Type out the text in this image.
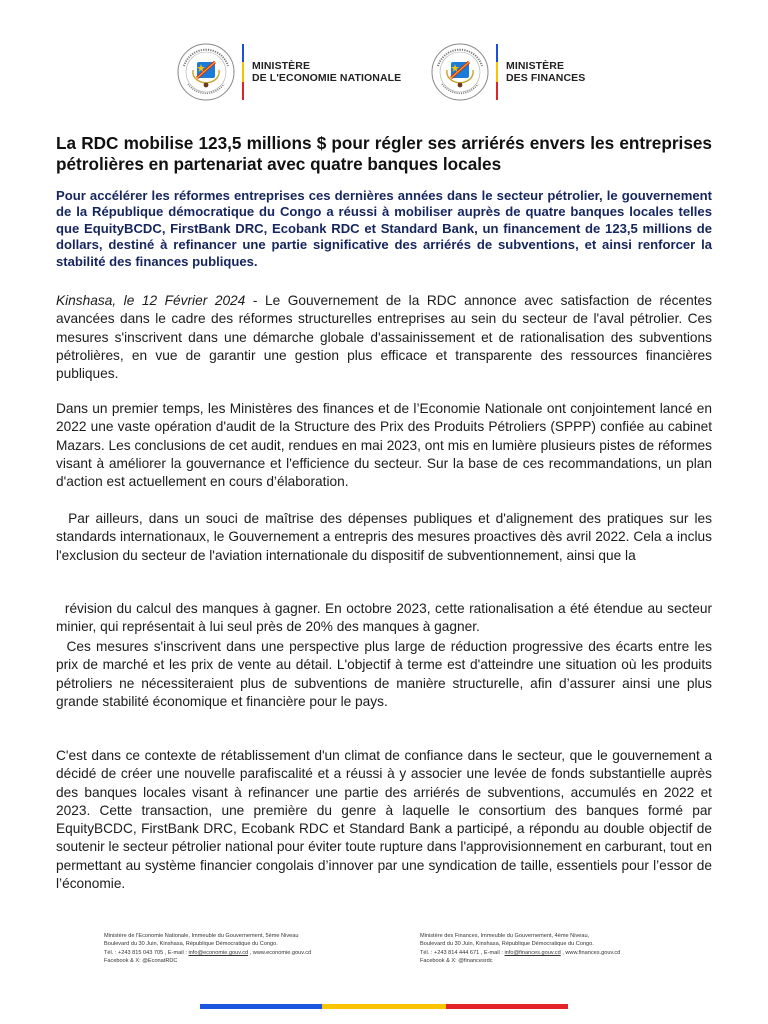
MINISTÈRE
DE L'ECONOMIE NATIONALE
MINISTÈRE
DES FINANCES
La RDC mobilise 123,5 millions $ pour régler ses arriérés envers les entreprises pétrolières en partenariat avec quatre banques locales
Pour accélérer les réformes entreprises ces dernières années dans le secteur pétrolier, le gouvernement de la République démocratique du Congo a réussi à mobiliser auprès de quatre banques locales telles que EquityBCDC, FirstBank DRC, Ecobank RDC et Standard Bank, un financement de 123,5 millions de dollars, destiné à refinancer une partie significative des arriérés de subventions, et ainsi renforcer la stabilité des finances publiques.
Kinshasa, le 12 Février 2024 - Le Gouvernement de la RDC annonce avec satisfaction de récentes avancées dans le cadre des réformes structurelles entreprises au sein du secteur de l'aval pétrolier. Ces mesures s'inscrivent dans une démarche globale d'assainissement et de rationalisation des subventions pétrolières, en vue de garantir une gestion plus efficace et transparente des ressources financières publiques.
Dans un premier temps, les Ministères des finances et de l’Economie Nationale ont conjointement lancé en 2022 une vaste opération d'audit de la Structure des Prix des Produits Pétroliers (SPPP) confiée au cabinet Mazars. Les conclusions de cet audit, rendues en mai 2023, ont mis en lumière plusieurs pistes de réformes visant à améliorer la gouvernance et l'efficience du secteur. Sur la base de ces recommandations, un plan d'action est actuellement en cours d’élaboration.
Par ailleurs, dans un souci de maîtrise des dépenses publiques et d'alignement des pratiques sur les standards internationaux, le Gouvernement a entrepris des mesures proactives dès avril 2022. Cela a inclus l'exclusion du secteur de l'aviation internationale du dispositif de subventionnement, ainsi que la
révision du calcul des manques à gagner. En octobre 2023, cette rationalisation a été étendue au secteur minier, qui représentait à lui seul près de 20% des manques à gagner.
Ces mesures s'inscrivent dans une perspective plus large de réduction progressive des écarts entre les prix de marché et les prix de vente au détail. L'objectif à terme est d'atteindre une situation où les produits pétroliers ne nécessiteraient plus de subventions de manière structurelle, afin d’assurer ainsi une plus grande stabilité économique et financière pour le pays.
C'est dans ce contexte de rétablissement d'un climat de confiance dans le secteur, que le gouvernement a décidé de créer une nouvelle parafiscalité et a réussi à y associer une levée de fonds substantielle auprès des banques locales visant à refinancer une partie des arriérés de subventions, accumulés en 2022 et 2023. Cette transaction, une première du genre à laquelle le consortium des banques formé par EquityBCDC, FirstBank DRC, Ecobank RDC et Standard Bank a participé, a répondu au double objectif de soutenir le secteur pétrolier national pour éviter toute rupture dans l'approvisionnement en carburant, tout en permettant au système financier congolais d’innover par une syndication de taille, essentiels pour l’essor de l’économie.
Ministère de l'Economie Nationale, Immeuble du Gouvernement, 5ème Niveau
Boulevard du 30 Juin, Kinshasa, République Démocratique du Congo.
Tél. : +243 815 043 705 , E-mail : info@economie.gouv.cd , www.economie.gouv.cd
Facebook & X: @EconatRDC
Ministère des Finances, Immeuble du Gouvernement, 4ème Niveau,
Boulevard du 30 Juin, Kinshasa, République Démocratique du Congo.
Tél. : +243 814 444 671 , E-mail : info@finances.gouv.cd , www.finances.gouv.cd
Facebook & X: @financesrdc
